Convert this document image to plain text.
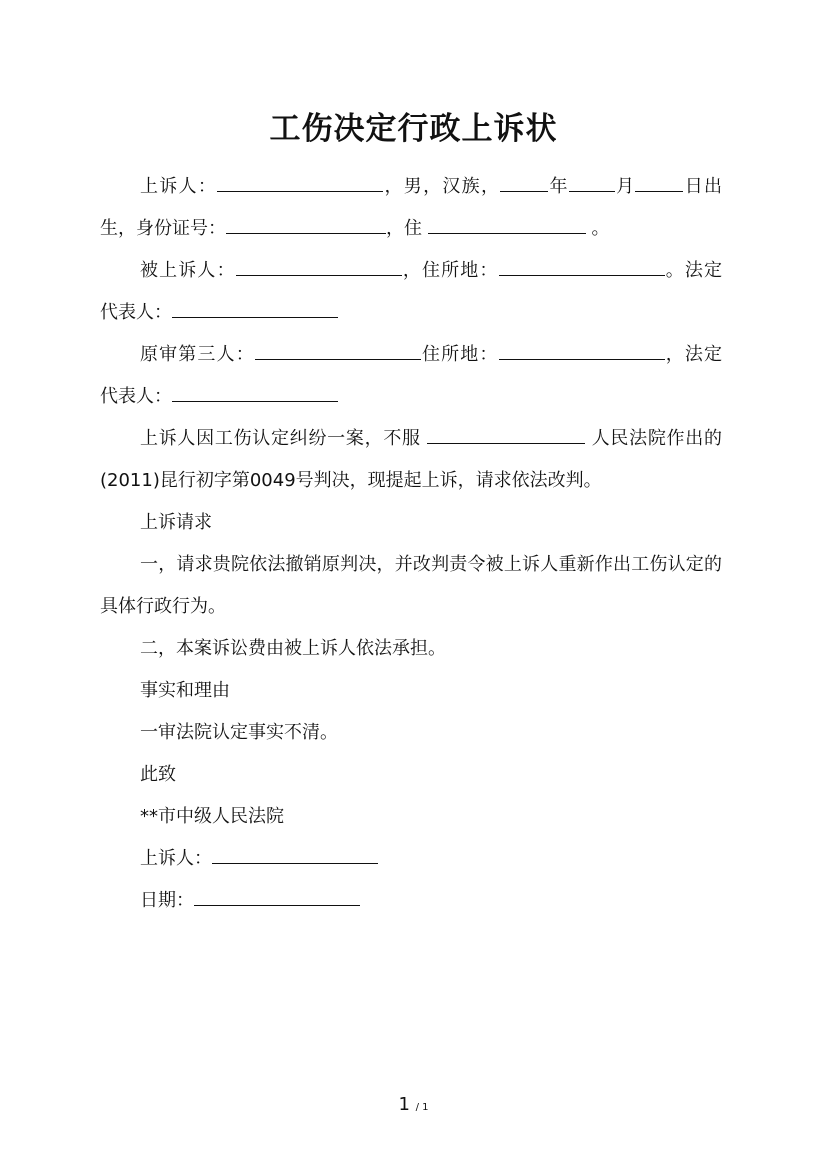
工伤决定行政上诉状

上诉人：	，男，汉族，	年	月	日出生，身份证号：	，住	。

被上诉人：	，住所地：	。法定代表人：

原审第三人：	住所地：	，法定代表人：

上诉人因工伤认定纠纷一案，不服	人民法院作出的(2011)昆行初字第0049号判决，现提起上诉，请求依法改判。

上诉请求

一，请求贵院依法撤销原判决，并改判责令被上诉人重新作出工伤认定的具体行政行为。

二，本案诉讼费由被上诉人依法承担。

事实和理由

一审法院认定事实不清。

此致

**市中级人民法院

上诉人：

日期：

1 / 1
